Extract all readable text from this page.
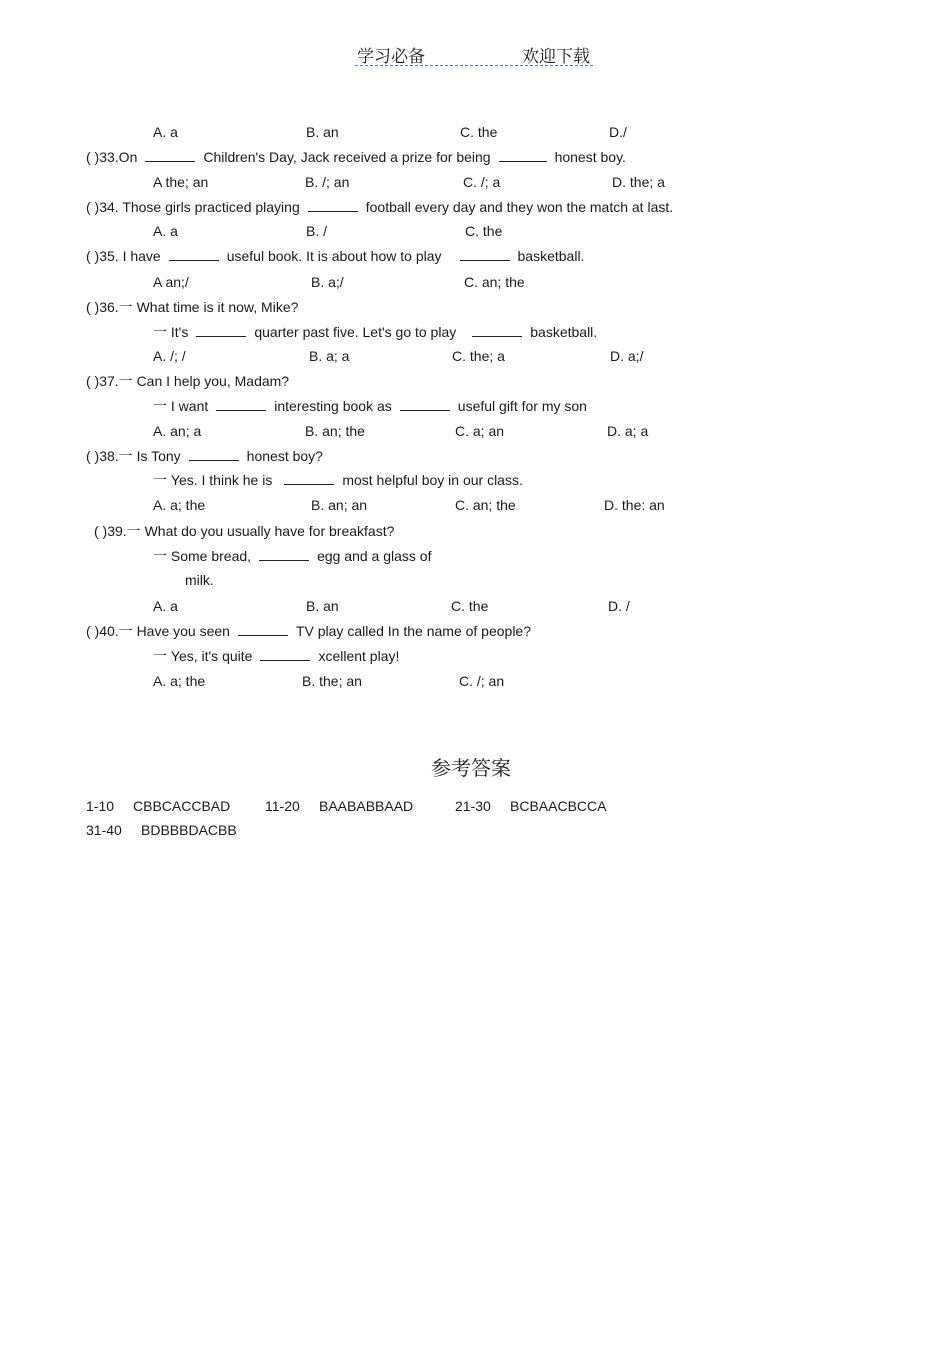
学习必备	欢迎下载
A. a	B. an	C. the	D./
( )33.On	Children's Day, Jack received a prize for being	honest boy.
A the; an	B. /; an	C. /; a	D. the; a
( )34. Those girls practiced playing	football every day and they won the match at last.
A. a	B. /	C. the
( )35. I have	useful book. It is about how to play	basketball.
A an;/	B. a;/	C. an; the
( )36.一 What time is it now, Mike?
一 It's	quarter past five. Let's go to play	basketball.
A. /; /	B. a; a	C. the; a	D. a;/
( )37.一 Can I help you, Madam?
一 I want	interesting book as	useful gift for my son
A. an; a	B. an; the	C. a; an	D. a; a
( )38.一 Is Tony	honest boy?
一 Yes. I think he is	most helpful boy in our class.
A. a; the	B. an; an	C. an; the	D. the: an
( )39.一 What do you usually have for breakfast?
一 Some bread,	egg and a glass of
milk.
A. a	B. an	C. the	D. /
( )40.一 Have you seen	TV play called In the name of people?
一 Yes, it's quite	xcellent play!
A. a; the	B. the; an	C. /; an
参考答案
1-10 CBBCACCBAD 11-20 BAABABBAAD	21-30 BCBAACBCCA
31-40 BDBBBDACBB
